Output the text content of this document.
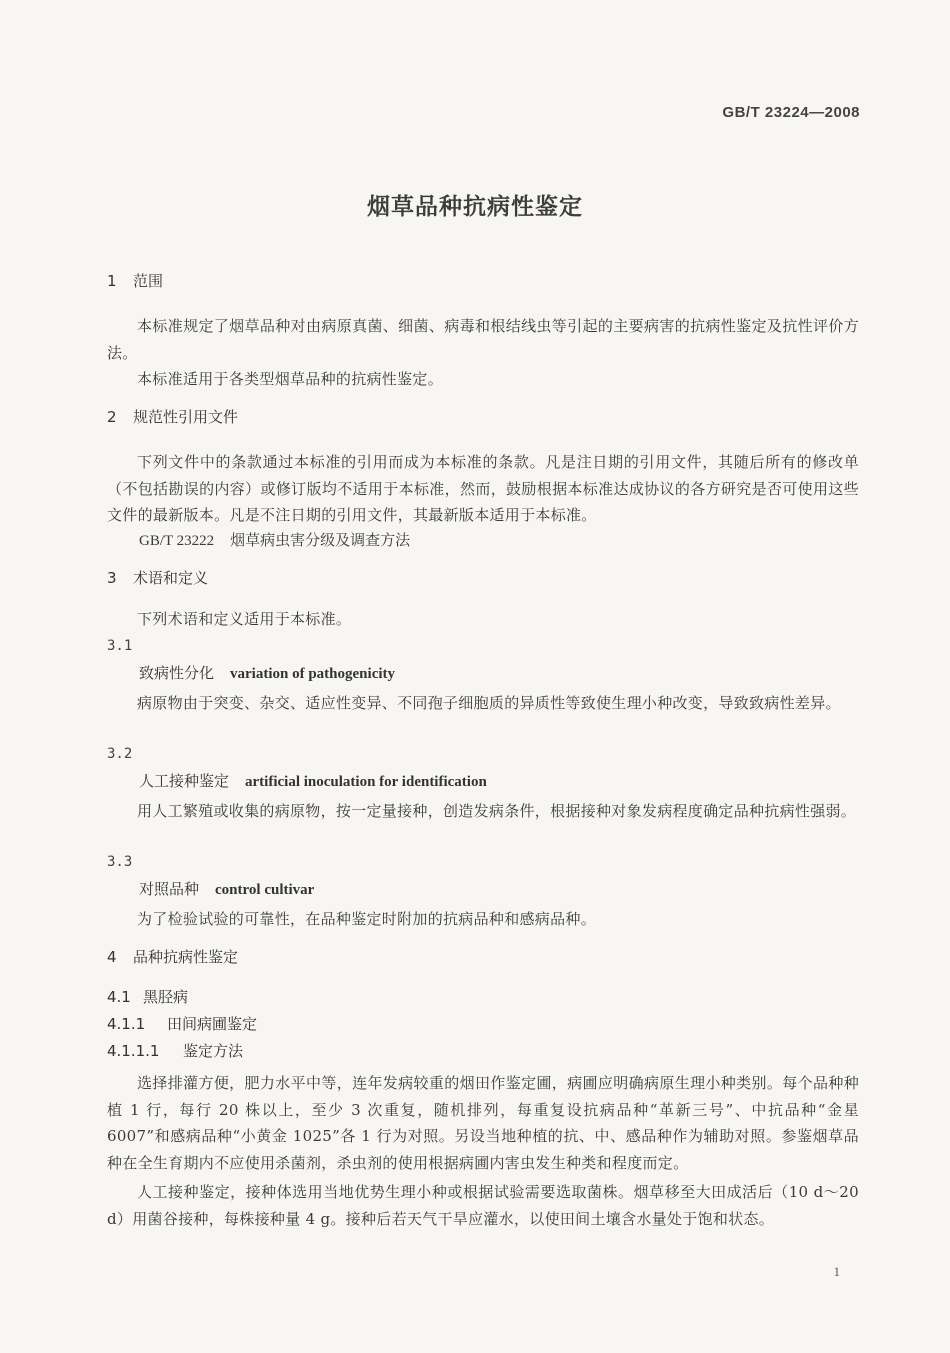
GB/T 23224—2008
烟草品种抗病性鉴定
1 范围
本标准规定了烟草品种对由病原真菌、细菌、病毒和根结线虫等引起的主要病害的抗病性鉴定及抗性评价方法。
本标准适用于各类型烟草品种的抗病性鉴定。
2 规范性引用文件
下列文件中的条款通过本标准的引用而成为本标准的条款。凡是注日期的引用文件，其随后所有的修改单（不包括勘误的内容）或修订版均不适用于本标准，然而，鼓励根据本标准达成协议的各方研究是否可使用这些文件的最新版本。凡是不注日期的引用文件，其最新版本适用于本标准。
GB/T 23222 烟草病虫害分级及调查方法
3 术语和定义
下列术语和定义适用于本标准。
3.1
致病性分化 variation of pathogenicity
病原物由于突变、杂交、适应性变异、不同孢子细胞质的异质性等致使生理小种改变，导致致病性差异。
3.2
人工接种鉴定 artificial inoculation for identification
用人工繁殖或收集的病原物，按一定量接种，创造发病条件，根据接种对象发病程度确定品种抗病性强弱。
3.3
对照品种 control cultivar
为了检验试验的可靠性，在品种鉴定时附加的抗病品种和感病品种。
4 品种抗病性鉴定
4.1 黑胫病
4.1.1 田间病圃鉴定
4.1.1.1 鉴定方法
选择排灌方便，肥力水平中等，连年发病较重的烟田作鉴定圃，病圃应明确病原生理小种类别。每个品种种植 1 行，每行 20 株以上，至少 3 次重复，随机排列，每重复设抗病品种“革新三号”、中抗品种“金星 6007”和感病品种“小黄金 1025”各 1 行为对照。另设当地种植的抗、中、感品种作为辅助对照。参鉴烟草品种在全生育期内不应使用杀菌剂，杀虫剂的使用根据病圃内害虫发生种类和程度而定。
人工接种鉴定，接种体选用当地优势生理小种或根据试验需要选取菌株。烟草移至大田成活后（10 d～20 d）用菌谷接种，每株接种量 4 g。接种后若天气干旱应灌水，以使田间土壤含水量处于饱和状态。
1
